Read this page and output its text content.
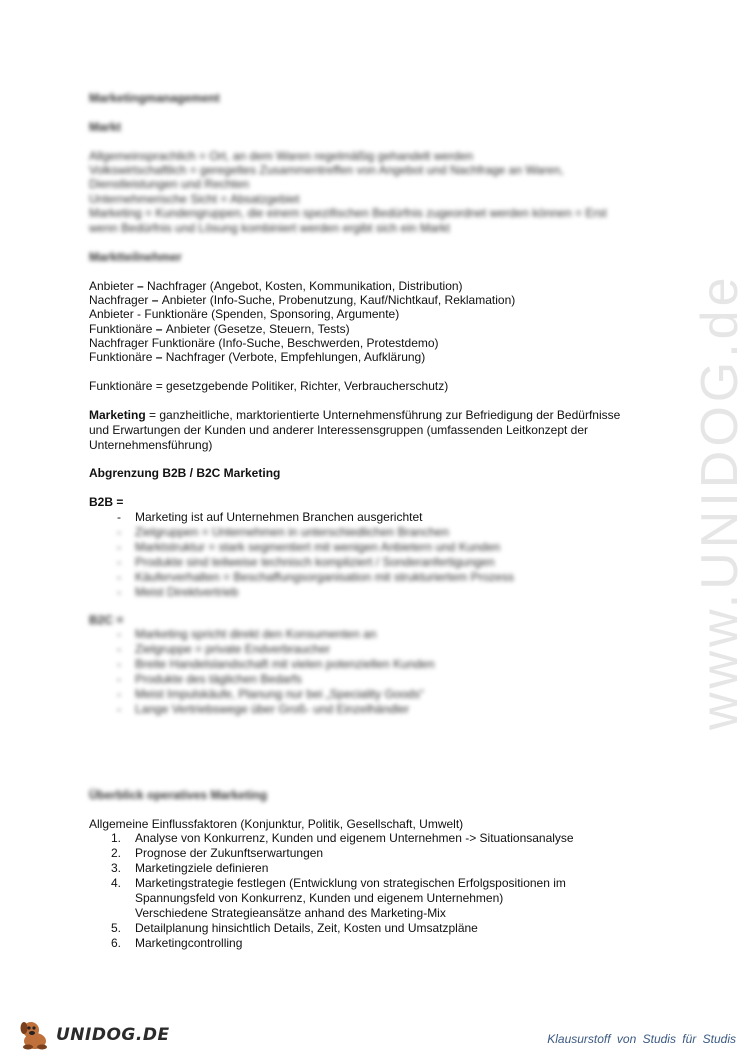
Marketingmanagement
Markt
Allgemeinsprachlich = Ort, an dem Waren regelmäßig gehandelt werden
Volkswirtschaftlich = geregeltes Zusammentreffen von Angebot und Nachfrage an Waren,
Dienstleistungen und Rechten
Unternehmerische Sicht = Absatzgebiet
Marketing = Kundengruppen, die einem spezifischen Bedürfnis zugeordnet werden können = Erst
wenn Bedürfnis und Lösung kombiniert werden ergibt sich ein Markt
Marktteilnehmer
Anbieter – Nachfrager (Angebot, Kosten, Kommunikation, Distribution)
Nachfrager – Anbieter (Info-Suche, Probenutzung, Kauf/Nichtkauf, Reklamation)
Anbieter - Funktionäre (Spenden, Sponsoring, Argumente)
Funktionäre – Anbieter (Gesetze, Steuern, Tests)
Nachfrager Funktionäre (Info-Suche, Beschwerden, Protestdemo)
Funktionäre – Nachfrager (Verbote, Empfehlungen, Aufklärung)
Funktionäre = gesetzgebende Politiker, Richter, Verbraucherschutz)
Marketing = ganzheitliche, marktorientierte Unternehmensführung zur Befriedigung der Bedürfnisse und Erwartungen der Kunden und anderer Interessensgruppen (umfassenden Leitkonzept der Unternehmensführung)
Abgrenzung B2B / B2C Marketing
B2B =
- Marketing ist auf Unternehmen Branchen ausgerichtet
- Zielgruppen = Unternehmen in unterschiedlichen Branchen
- Marktstruktur = stark segmentiert mit wenigen Anbietern und Kunden
- Produkte sind teilweise technisch kompliziert / Sonderanfertigungen
- Käuferverhalten = Beschaffungsorganisation mit strukturiertem Prozess
- Meist Direktvertrieb
B2C =
- Marketing spricht direkt den Konsumenten an
- Zielgruppe = private Endverbraucher
- Breite Handelslandschaft mit vielen potenziellen Kunden
- Produkte des täglichen Bedarfs
- Meist Impulskäufe, Planung nur bei „Speciality Goods“
- Lange Vertriebswege über Groß- und Einzelhändler
Überblick operatives Marketing
Allgemeine Einflussfaktoren (Konjunktur, Politik, Gesellschaft, Umwelt)
1. Analyse von Konkurrenz, Kunden und eigenem Unternehmen -> Situationsanalyse
2. Prognose der Zukunftserwartungen
3. Marketingziele definieren
4. Marketingstrategie festlegen (Entwicklung von strategischen Erfolgspositionen im
Spannungsfeld von Konkurrenz, Kunden und eigenem Unternehmen)
Verschiedene Strategieansätze anhand des Marketing-Mix
5. Detailplanung hinsichtlich Details, Zeit, Kosten und Umsatzpläne
6. Marketingcontrolling
www.UNIDOG.de
UNIDOG.DE	Klausurstoff von Studis für Studis
